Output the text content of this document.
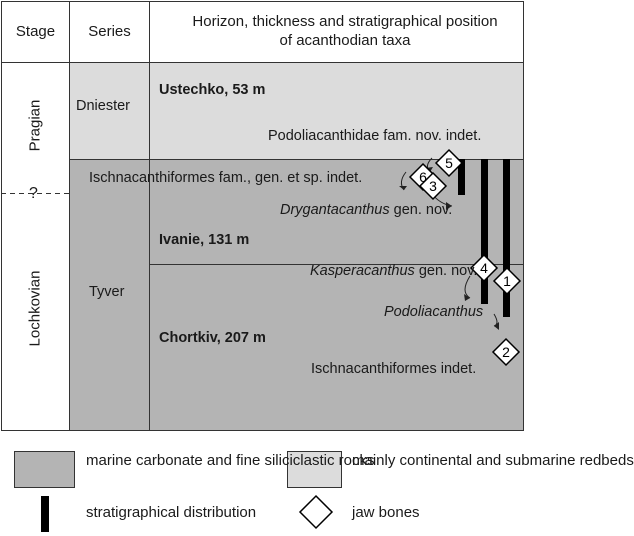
6
5
3
4
1
2
Stage	Series
Horizon, thickness and stratigraphical position of acanthodian taxa
Pragian
?
Lochkovian
Dniester
Tyver
Ustechko, 53 m
Ivanie, 131 m
Chortkiv, 207 m
Podoliacanthidae fam. nov. indet.
Ischnacanthiformes fam., gen. et sp. indet.
Drygantacanthus gen. nov.
Kasperacanthus gen. nov.
Podoliacanthus
Ischnacanthiformes indet.
marine carbonate and fine siliciclastic rocks
mainly continental and submarine redbeds
stratigraphical distribution	jaw bones
